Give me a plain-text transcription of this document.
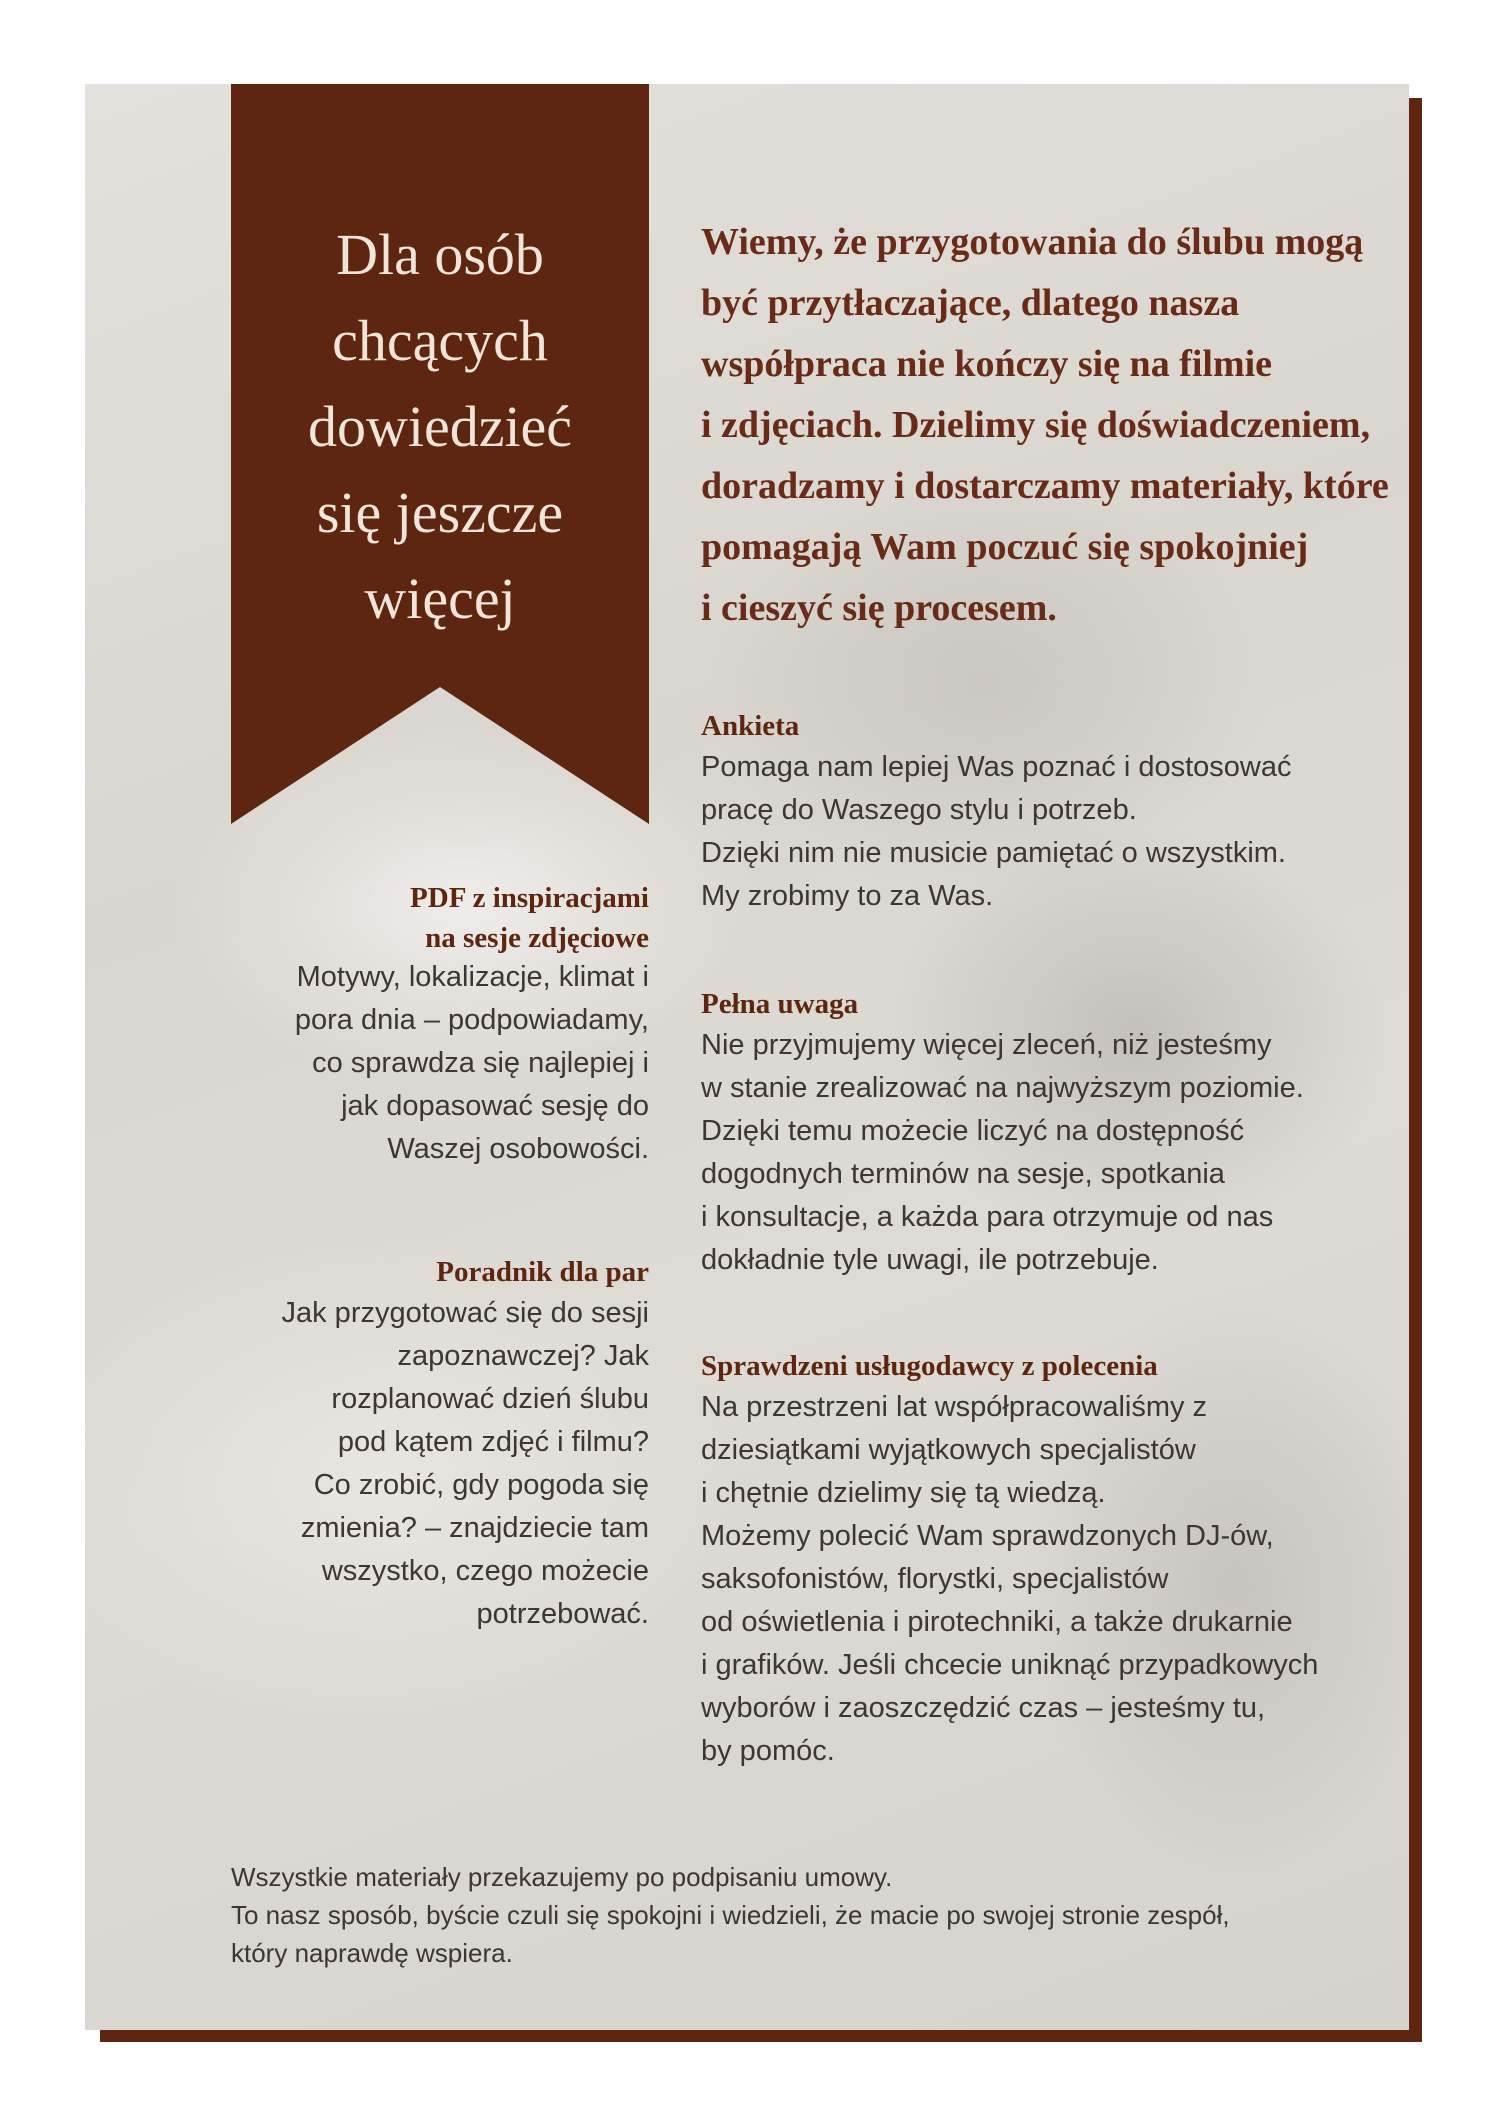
Dla osób
chcących
dowiedzieć
się jeszcze
więcej

Wiemy, że przygotowania do ślubu mogą
być przytłaczające, dlatego nasza
współpraca nie kończy się na filmie
i zdjęciach. Dzielimy się doświadczeniem,
doradzamy i dostarczamy materiały, które
pomagają Wam poczuć się spokojniej
i cieszyć się procesem.

Ankieta

Pomaga nam lepiej Was poznać i dostosować
pracę do Waszego stylu i potrzeb.
Dzięki nim nie musicie pamiętać o wszystkim.
My zrobimy to za Was.

PDF z inspiracjami
na sesje zdjęciowe

Motywy, lokalizacje, klimat i
pora dnia – podpowiadamy,
co sprawdza się najlepiej i
jak dopasować sesję do
Waszej osobowości.

Pełna uwaga

Nie przyjmujemy więcej zleceń, niż jesteśmy
w stanie zrealizować na najwyższym poziomie.
Dzięki temu możecie liczyć na dostępność
dogodnych terminów na sesje, spotkania
i konsultacje, a każda para otrzymuje od nas
dokładnie tyle uwagi, ile potrzebuje.

Poradnik dla par

Jak przygotować się do sesji
zapoznawczej? Jak
rozplanować dzień ślubu
pod kątem zdjęć i filmu?
Co zrobić, gdy pogoda się
zmienia? – znajdziecie tam
wszystko, czego możecie
potrzebować.

Sprawdzeni usługodawcy z polecenia

Na przestrzeni lat współpracowaliśmy z
dziesiątkami wyjątkowych specjalistów
i chętnie dzielimy się tą wiedzą.
Możemy polecić Wam sprawdzonych DJ-ów,
saksofonistów, florystki, specjalistów
od oświetlenia i pirotechniki, a także drukarnie
i grafików. Jeśli chcecie uniknąć przypadkowych
wyborów i zaoszczędzić czas – jesteśmy tu,
by pomóc.

Wszystkie materiały przekazujemy po podpisaniu umowy.
To nasz sposób, byście czuli się spokojni i wiedzieli, że macie po swojej stronie zespół,
który naprawdę wspiera.
